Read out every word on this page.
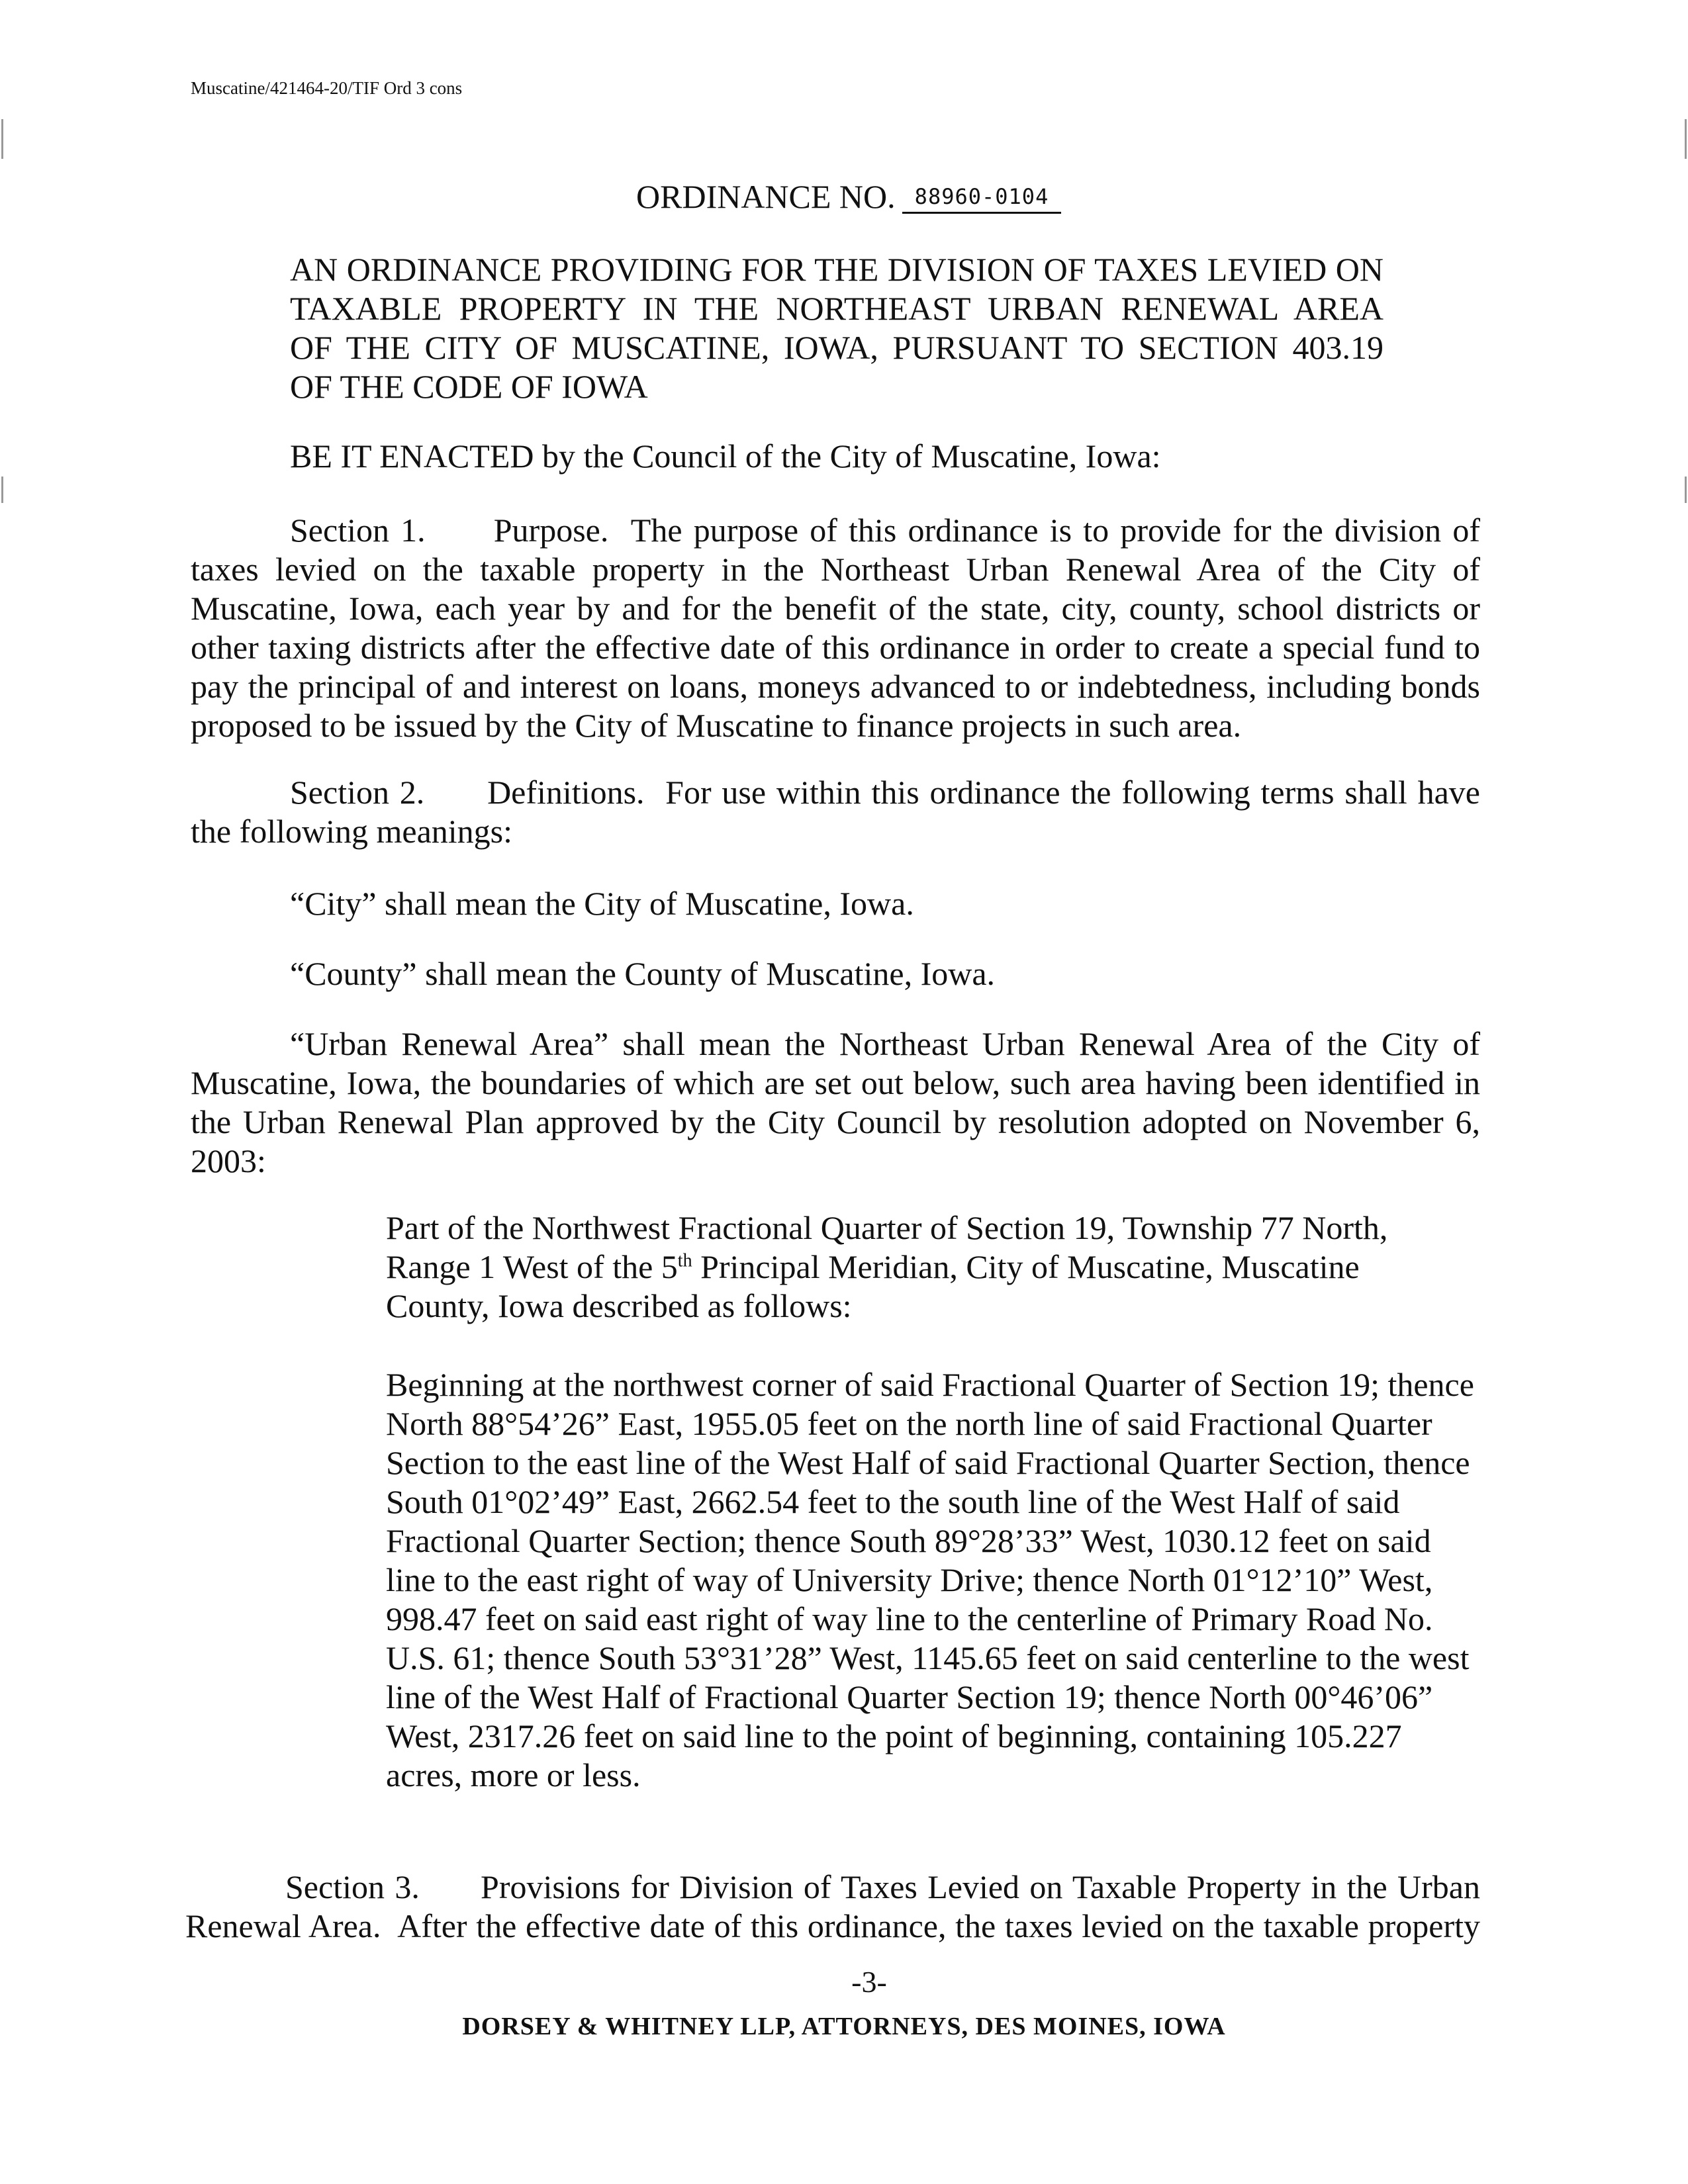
Muscatine/421464-20/TIF Ord 3 cons
ORDINANCE NO. 88960-0104
AN ORDINANCE PROVIDING FOR THE DIVISION OF TAXES LEVIED ON
TAXABLE PROPERTY IN THE NORTHEAST URBAN RENEWAL AREA
OF THE CITY OF MUSCATINE, IOWA, PURSUANT TO SECTION 403.19
OF THE CODE OF IOWA
BE IT ENACTED by the Council of the City of Muscatine, Iowa:
Section 1.      Purpose.  The purpose of this ordinance is to provide for the division of
taxes levied on the taxable property in the Northeast Urban Renewal Area of the City of
Muscatine, Iowa, each year by and for the benefit of the state, city, county, school districts or
other taxing districts after the effective date of this ordinance in order to create a special fund to
pay the principal of and interest on loans, moneys advanced to or indebtedness, including bonds
proposed to be issued by the City of Muscatine to finance projects in such area.
Section 2.      Definitions.  For use within this ordinance the following terms shall have
the following meanings:
“City” shall mean the City of Muscatine, Iowa.
“County” shall mean the County of Muscatine, Iowa.
“Urban Renewal Area” shall mean the Northeast Urban Renewal Area of the City of
Muscatine, Iowa, the boundaries of which are set out below, such area having been identified in
the Urban Renewal Plan approved by the City Council by resolution adopted on November 6,
2003:
Part of the Northwest Fractional Quarter of Section 19, Township 77 North,
Range 1 West of the 5th Principal Meridian, City of Muscatine, Muscatine
County, Iowa described as follows:
Beginning at the northwest corner of said Fractional Quarter of Section 19; thence
North 88°54’26” East, 1955.05 feet on the north line of said Fractional Quarter
Section to the east line of the West Half of said Fractional Quarter Section, thence
South 01°02’49” East, 2662.54 feet to the south line of the West Half of said
Fractional Quarter Section; thence South 89°28’33” West, 1030.12 feet on said
line to the east right of way of University Drive; thence North 01°12’10” West,
998.47 feet on said east right of way line to the centerline of Primary Road No.
U.S. 61; thence South 53°31’28” West, 1145.65 feet on said centerline to the west
line of the West Half of Fractional Quarter Section 19; thence North 00°46’06”
West, 2317.26 feet on said line to the point of beginning, containing 105.227
acres, more or less.
Section 3.      Provisions for Division of Taxes Levied on Taxable Property in the Urban
Renewal Area.  After the effective date of this ordinance, the taxes levied on the taxable property
-3-
DORSEY & WHITNEY LLP, ATTORNEYS, DES MOINES, IOWA
